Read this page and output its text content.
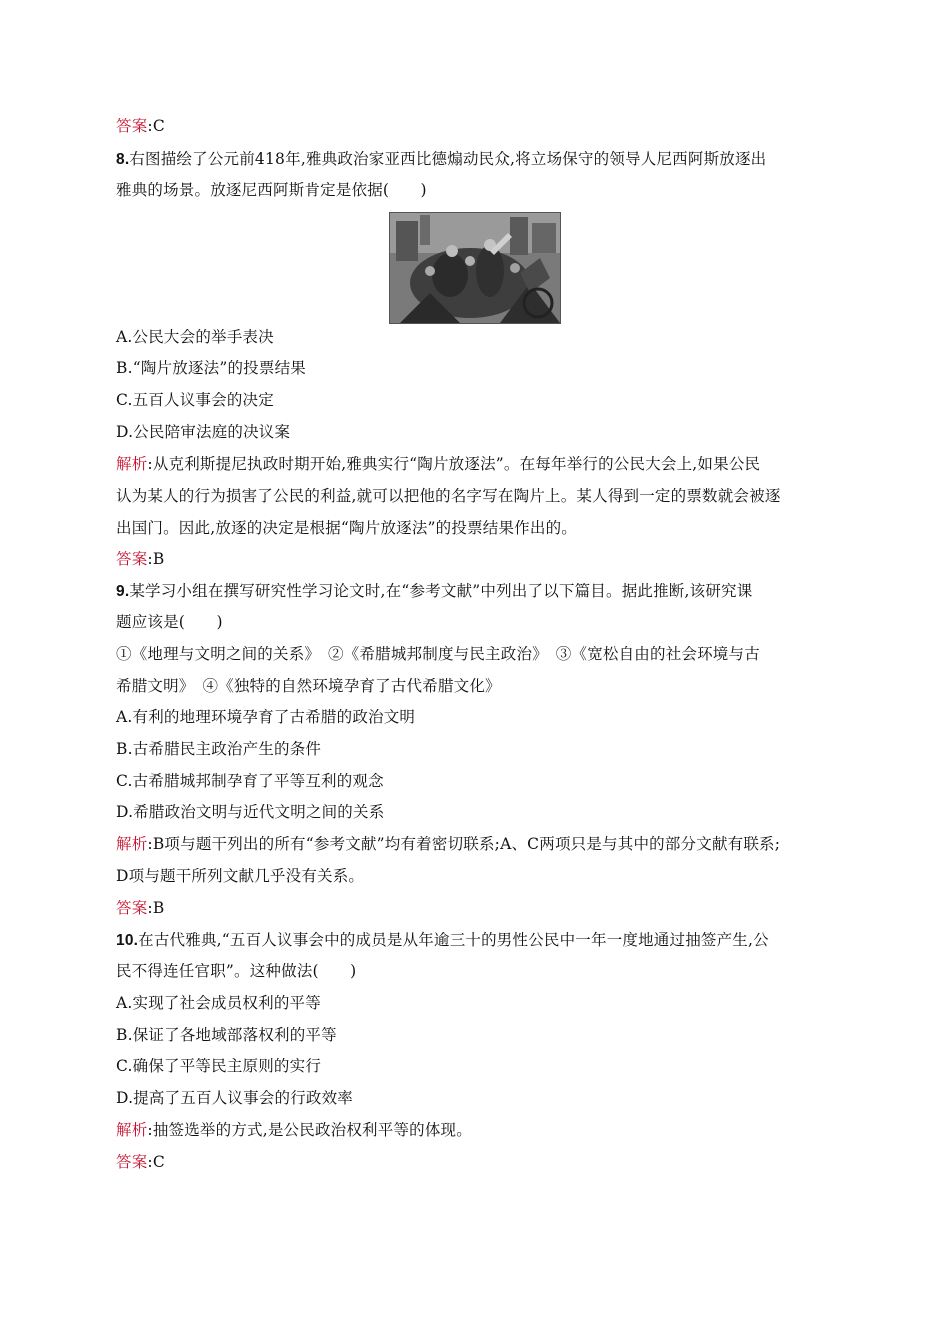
答案:C
8.右图描绘了公元前418年,雅典政治家亚西比德煽动民众,将立场保守的领导人尼西阿斯放逐出
雅典的场景。放逐尼西阿斯肯定是依据(　　)
A.公民大会的举手表决
B.“陶片放逐法”的投票结果
C.五百人议事会的决定
D.公民陪审法庭的决议案
解析:从克利斯提尼执政时期开始,雅典实行“陶片放逐法”。在每年举行的公民大会上,如果公民
认为某人的行为损害了公民的利益,就可以把他的名字写在陶片上。某人得到一定的票数就会被逐
出国门。因此,放逐的决定是根据“陶片放逐法”的投票结果作出的。
答案:B
9.某学习小组在撰写研究性学习论文时,在“参考文献”中列出了以下篇目。据此推断,该研究课
题应该是(　　)
①《地理与文明之间的关系》　②《希腊城邦制度与民主政治》　③《宽松自由的社会环境与古
希腊文明》　④《独特的自然环境孕育了古代希腊文化》
A.有利的地理环境孕育了古希腊的政治文明
B.古希腊民主政治产生的条件
C.古希腊城邦制孕育了平等互利的观念
D.希腊政治文明与近代文明之间的关系
解析:B项与题干列出的所有“参考文献”均有着密切联系;A、C两项只是与其中的部分文献有联系;
D项与题干所列文献几乎没有关系。
答案:B
10.在古代雅典,“五百人议事会中的成员是从年逾三十的男性公民中一年一度地通过抽签产生,公
民不得连任官职”。这种做法(　　)
A.实现了社会成员权利的平等
B.保证了各地域部落权利的平等
C.确保了平等民主原则的实行
D.提高了五百人议事会的行政效率
解析:抽签选举的方式,是公民政治权利平等的体现。
答案:C
